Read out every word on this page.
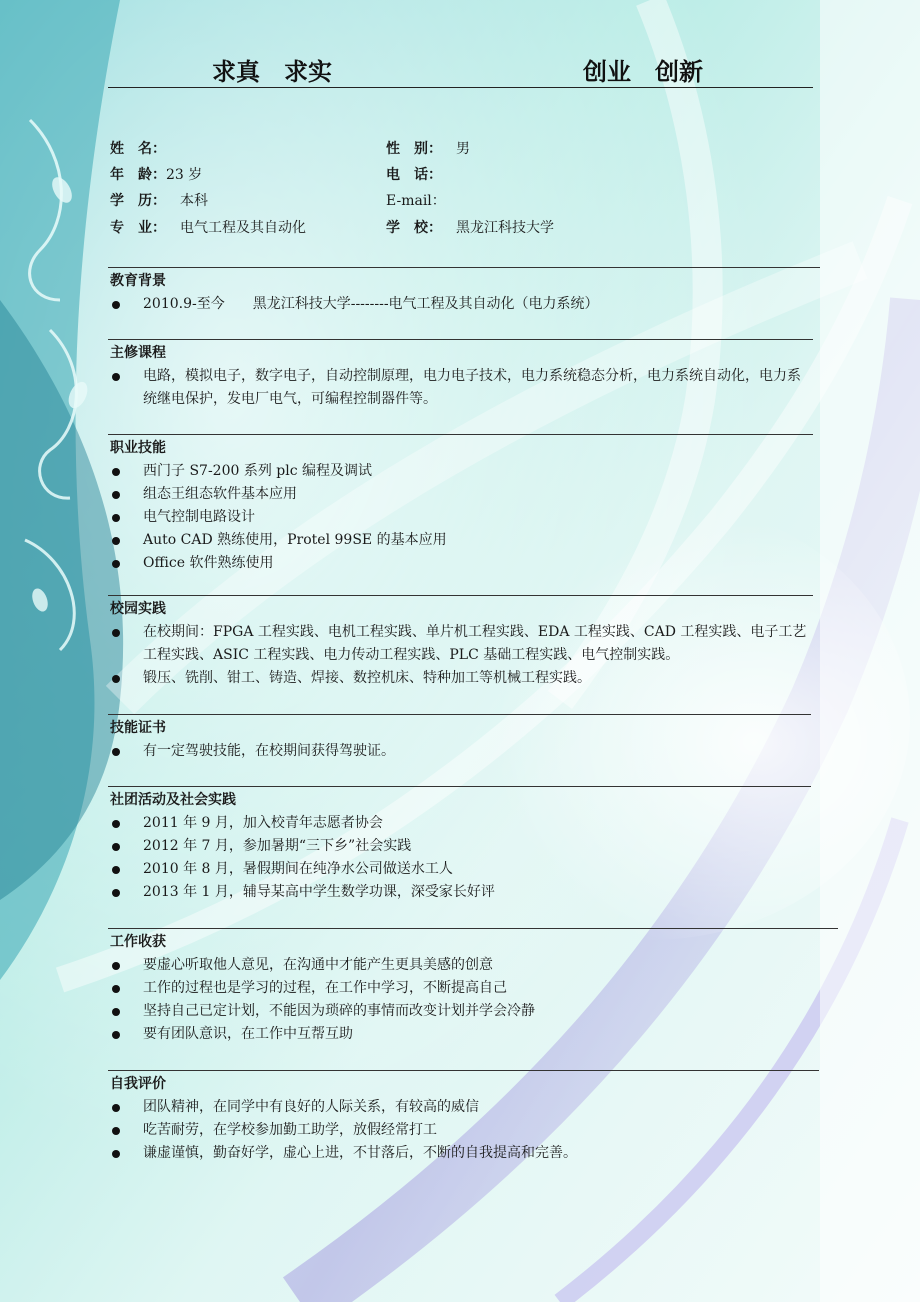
求真　求实	创业　创新
姓　名：	性　别： 男
年　龄：23 岁	电　话：
学　历： 本科	E-mail：
专　业： 电气工程及其自动化	学　校： 黑龙江科技大学
教育背景
2010.9-至今　　黑龙江科技大学--------电气工程及其自动化（电力系统）
主修课程
电路，模拟电子，数字电子，自动控制原理，电力电子技术，电力系统稳态分析，电力系统自动化，电力系统继电保护，发电厂电气，可编程控制器件等。
职业技能
西门子 S7-200 系列 plc 编程及调试
组态王组态软件基本应用
电气控制电路设计
Auto CAD 熟练使用，Protel 99SE 的基本应用
Office 软件熟练使用
校园实践
在校期间：FPGA 工程实践、电机工程实践、单片机工程实践、EDA 工程实践、CAD 工程实践、电子工艺工程实践、ASIC 工程实践、电力传动工程实践、PLC 基础工程实践、电气控制实践。
锻压、铣削、钳工、铸造、焊接、数控机床、特种加工等机械工程实践。
技能证书
有一定驾驶技能，在校期间获得驾驶证。
社团活动及社会实践
2011 年 9 月，加入校青年志愿者协会
2012 年 7 月，参加暑期“三下乡”社会实践
2010 年 8 月，暑假期间在纯净水公司做送水工人
2013 年 1 月，辅导某高中学生数学功课，深受家长好评
工作收获
要虚心听取他人意见，在沟通中才能产生更具美感的创意
工作的过程也是学习的过程，在工作中学习，不断提高自己
坚持自己已定计划，不能因为琐碎的事情而改变计划并学会冷静
要有团队意识，在工作中互帮互助
自我评价
团队精神，在同学中有良好的人际关系，有较高的威信
吃苦耐劳，在学校参加勤工助学，放假经常打工
谦虚谨慎，勤奋好学，虚心上进，不甘落后，不断的自我提高和完善。
